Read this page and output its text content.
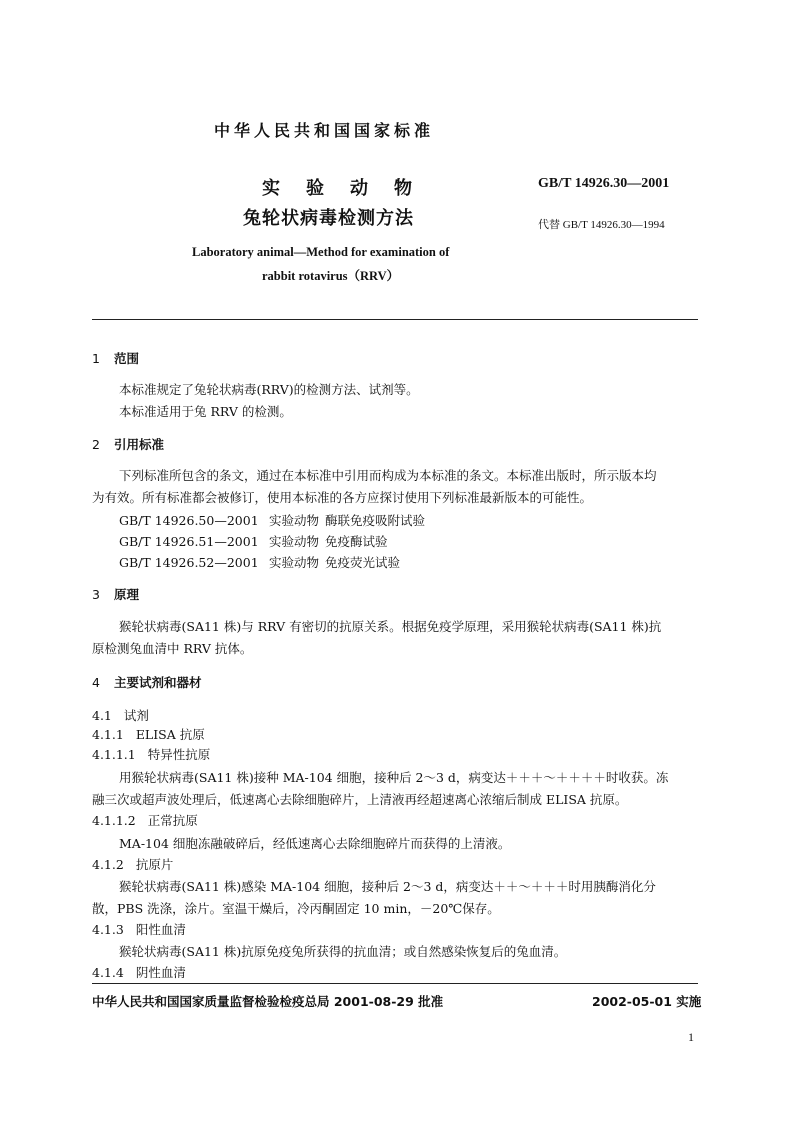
中华人民共和国国家标准
实验动物
兔轮状病毒检测方法
GB/T 14926.30—2001
代替 GB/T 14926.30—1994
Laboratory animal—Method for examination of
rabbit rotavirus（RRV）
1 范围
本标准规定了兔轮状病毒(RRV)的检测方法、试剂等。
本标准适用于兔 RRV 的检测。
2 引用标准
下列标准所包含的条文，通过在本标准中引用而构成为本标准的条文。本标准出版时，所示版本均
为有效。所有标准都会被修订，使用本标准的各方应探讨使用下列标准最新版本的可能性。
GB/T 14926.50—2001 实验动物 酶联免疫吸附试验
GB/T 14926.51—2001 实验动物 免疫酶试验
GB/T 14926.52—2001 实验动物 免疫荧光试验
3 原理
猴轮状病毒(SA11 株)与 RRV 有密切的抗原关系。根据免疫学原理，采用猴轮状病毒(SA11 株)抗
原检测兔血清中 RRV 抗体。
4 主要试剂和器材
4.1 试剂
4.1.1 ELISA 抗原
4.1.1.1 特异性抗原
用猴轮状病毒(SA11 株)接种 MA-104 细胞，接种后 2～3 d，病变达＋＋＋～＋＋＋＋时收获。冻
融三次或超声波处理后，低速离心去除细胞碎片，上清液再经超速离心浓缩后制成 ELISA 抗原。
4.1.1.2 正常抗原
MA-104 细胞冻融破碎后，经低速离心去除细胞碎片而获得的上清液。
4.1.2 抗原片
猴轮状病毒(SA11 株)感染 MA-104 细胞，接种后 2～3 d，病变达＋＋～＋＋＋时用胰酶消化分
散，PBS 洗涤，涂片。室温干燥后，冷丙酮固定 10 min，－20℃保存。
4.1.3 阳性血清
猴轮状病毒(SA11 株)抗原免疫兔所获得的抗血清；或自然感染恢复后的兔血清。
4.1.4 阴性血清
中华人民共和国国家质量监督检验检疫总局 2001-08-29 批准	2002-05-01 实施
1
